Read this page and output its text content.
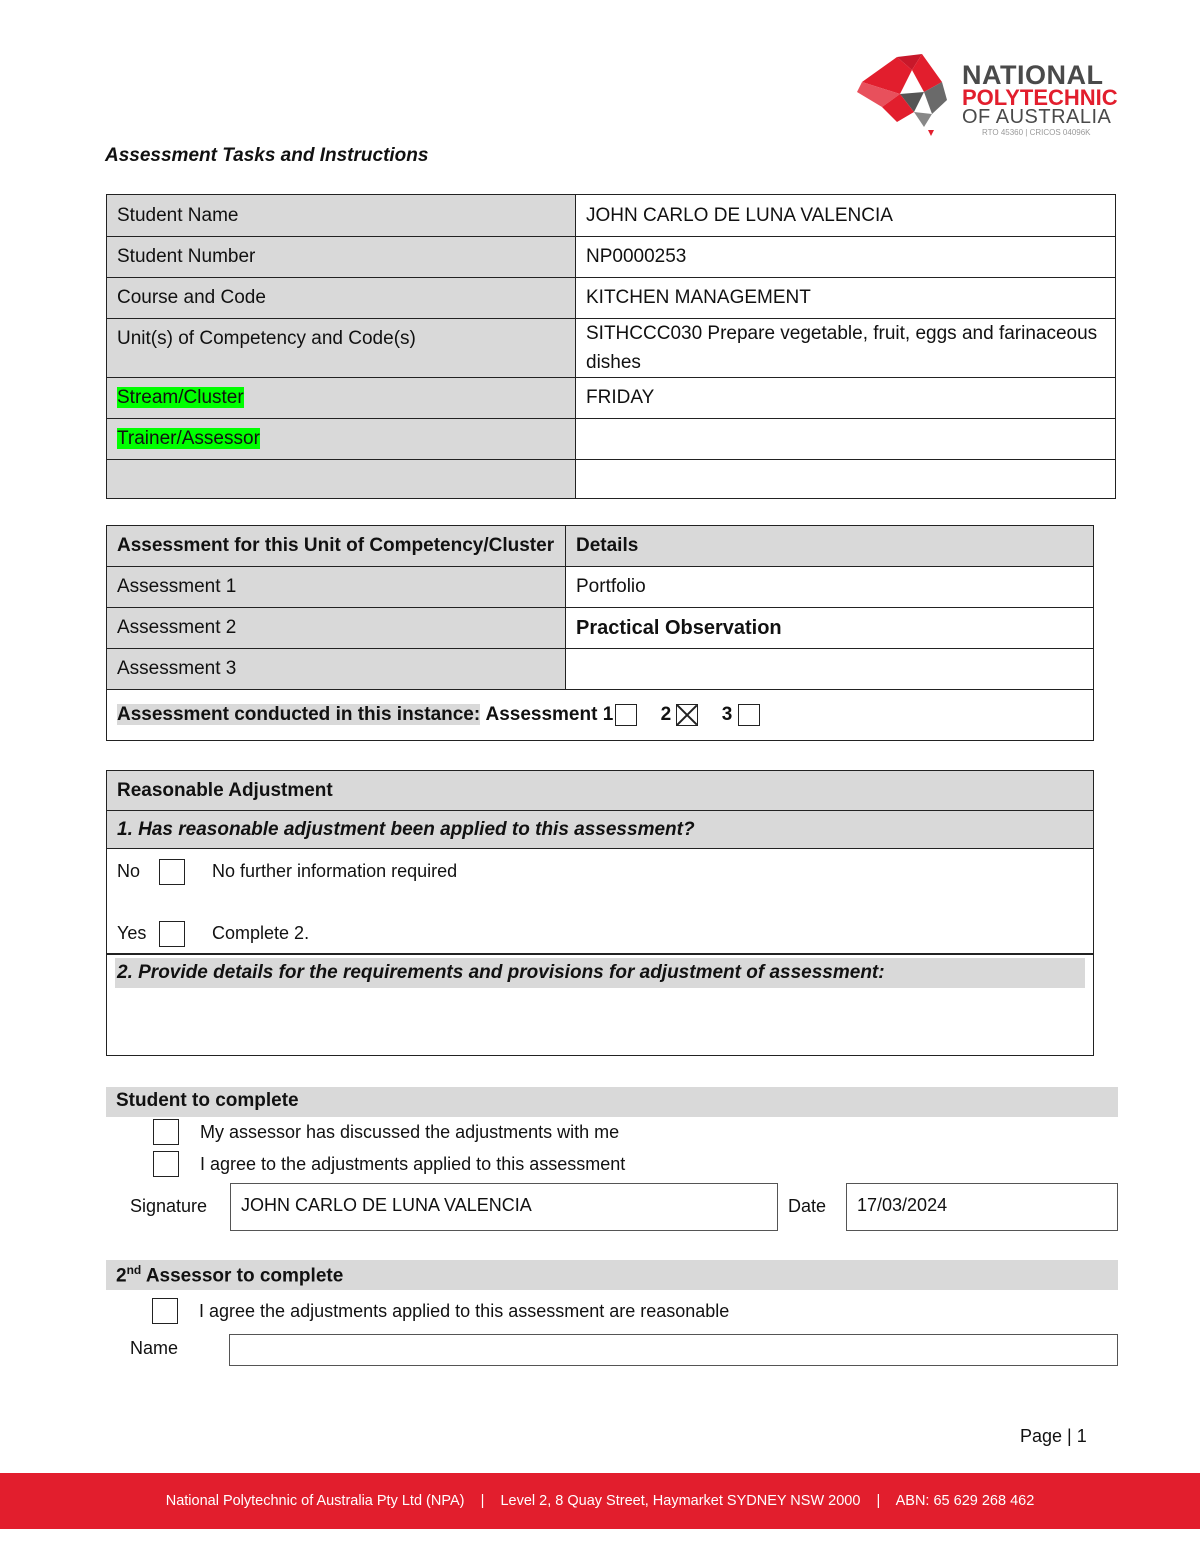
NATIONAL
POLYTECHNIC
OF AUSTRALIA
RTO 45360 | CRICOS 04096K
Assessment Tasks and Instructions
Student Name	JOHN CARLO DE LUNA VALENCIA
Student Number	NP0000253
Course and Code	KITCHEN MANAGEMENT
Unit(s) of Competency and Code(s)	SITHCCC030 Prepare vegetable, fruit, eggs and farinaceous dishes
Stream/Cluster	FRIDAY
Trainer/Assessor	

Assessment for this Unit of Competency/Cluster	Details
Assessment 1	Portfolio
Assessment 2	Practical Observation
Assessment 3	
Assessment conducted in this instance: Assessment 1 2 3	
Reasonable Adjustment
1. Has reasonable adjustment been applied to this assessment?
No	No further information required
Yes	Complete 2.
2. Provide details for the requirements and provisions for adjustment of assessment:
Student to complete
My assessor has discussed the adjustments with me
I agree to the adjustments applied to this assessment
Signature	JOHN CARLO DE LUNA VALENCIA	Date	17/03/2024
2nd Assessor to complete
I agree the adjustments applied to this assessment are reasonable
Name
Page | 1
National Polytechnic of Australia Pty Ltd (NPA)    |    Level 2, 8 Quay Street, Haymarket SYDNEY NSW 2000    |    ABN: 65 629 268 462
